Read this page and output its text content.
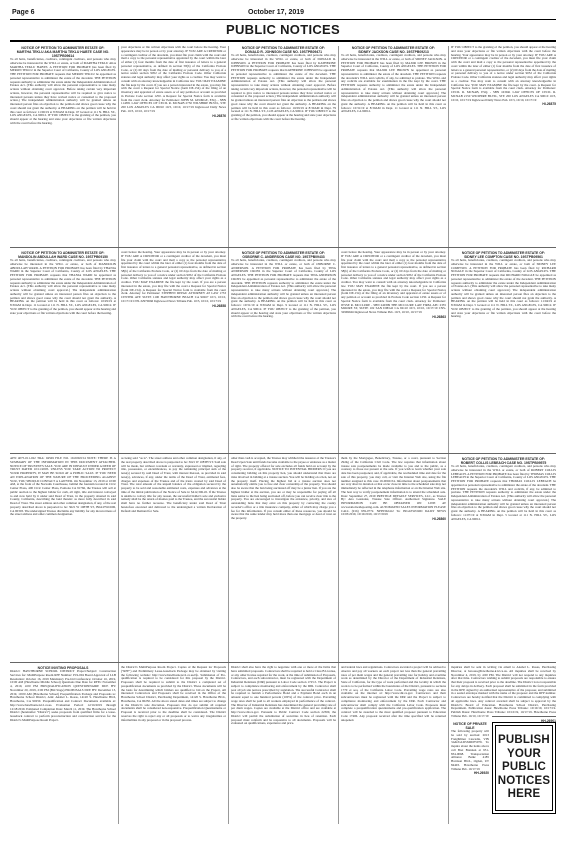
Page 6	October 17, 2019
PUBLIC NOTICES
NOTICE OF PETITION TO ADMINISTER ESTATE OF:
MARTHA TEKLU AKA MARTHA TEKLU HABTE CASE NO. 19STPB09614
To all heirs, beneficiaries, creditors, contingent creditors, and persons who may otherwise be interested in the WILL or estate, or both of MARTHA TEKLU AKA MARTHA TEKLU HABTE. A PETITION FOR PROBATE has been filed by MERON TEKLU in the Superior Court of California, County of LOS ANGELES. THE PETITION FOR PROBATE requests that MERON TEKLU be appointed as personal representative to administer the estate of the decedent. THE PETITION requests authority to administer the estate under the Independent Administration of Estates Act. (This authority will allow the personal representative to take many actions without obtaining court approval. Before taking certain very important actions, however, the personal representative will be required to give notice to interested persons unless they have waived notice or consented to the proposed action.) The independent administration authority will be granted unless an interested person files an objection to the petition and shows good cause why the court should not grant the authority. A HEARING on the petition will be held in this court as follows: 11/06/19 at 8:30AM in Dept. 67 located at 111 N. HILL ST., LOS ANGELES, CA 90012. IF YOU OBJECT to the granting of the petition, you should appear at the hearing and state your objections or file written objections with the court before the hearing.
your objections or file written objections with the court before the hearing. Your appearance may be in person or by your attorney. IF YOU ARE A CREDITOR or a contingent creditor of the decedent, you must file your claim with the court and mail a copy to the personal representative appointed by the court within the later of either (1) four months from the date of first issuance of letters to a general personal representative, as defined in section 58(b) of the California Probate Code, or (2) 60 days from the date of mailing or personal delivery to you of a notice under section 9052 of the California Probate Code. Other California statutes and legal authority may affect your rights as a creditor. You may want to consult with an attorney knowledgeable in California law. YOU MAY EXAMINE the file kept by the court. If you are a person interested in the estate, you may file with the court a Request for Special Notice (form DE-154) of the filing of an inventory and appraisal of estate assets or of any petition or account as provided in Probate Code section 1250. A Request for Special Notice form is available from the court clerk. Attorney for Petitioner: JOHN M. GEORGE, ESQ. - SBN 114381 LAW OFFICES OF CECIL R. MCNAB 2750 WILSHIRE BLVD., STE 200 LOS ANGELES CA 90010 10/3, 10/10, 10/17/19 Inglewood Daily News Pub. 10/3, 10/10, 10/17/19
HI-26876
NOTICE OF PETITION TO ADMINISTER ESTATE OF:
DONALD R. JOHNSON CASE NO. 19STPB09471
To all heirs, beneficiaries, creditors, contingent creditors, and persons who may otherwise be interested in the WILL or estate, or both of DONALD R. JOHNSON. A PETITION FOR PROBATE has been filed by KATHERINE JOHNSON in the Superior Court of California, County of LOS ANGELES. THE PETITION FOR PROBATE requests that KATHERINE JOHNSON be appointed as personal representative to administer the estate of the decedent. THE PETITION requests authority to administer the estate under the Independent Administration of Estates Act. (This authority will allow the personal representative to take many actions without obtaining court approval. Before taking certain very important actions, however, the personal representative will be required to give notice to interested persons unless they have waived notice or consented to the proposed action.) The independent administration authority will be granted unless an interested person files an objection to the petition and shows good cause why the court should not grant the authority. A HEARING on the petition will be held in this court as follows: 10/29/19 at 8:30AM in Dept. 79 located at 111 N. HILL ST., LOS ANGELES, CA 90012. IF YOU OBJECT to the granting of the petition, you should appear at the hearing and state your objections or file written objections with the court before the hearing.
NOTICE OF PETITION TO ADMINISTER ESTATE OF:
SIDNEY JACKSON CASE NO. 19STPB09213
To all heirs, beneficiaries, creditors, contingent creditors, and persons who may otherwise be interested in the WILL or estate, or both of SIDNEY JACKSON. A PETITION FOR PROBATE has been filed by MAJOR LEE BROWN in the Superior Court of California, County of LOS ANGELES. THE PETITION FOR PROBATE requests that MAJOR LEE BROWN be appointed as personal representative to administer the estate of the decedent. THE PETITION requests the decedent's WILL and codicils, if any, be admitted to probate. The WILL and any codicils are available for examination in the file kept by the court. THE PETITION requests authority to administer the estate under the Independent Administration of Estates Act. (This authority will allow the personal representative to take many actions without obtaining court approval.) The independent administration authority will be granted unless an interested person files an objection to the petition and shows good cause why the court should not grant the authority. A HEARING on the petition will be held in this court as follows: 10/31/19 at 8:30AM in Dept. 11 located at 111 N. HILL ST., LOS ANGELES, CA 90012.
IF YOU OBJECT to the granting of the petition, you should appear at the hearing and state your objections or file written objections with the court before the hearing. Your appearance may be in person or by your attorney. IF YOU ARE A CREDITOR or a contingent creditor of the decedent, you must file your claim with the court and mail a copy to the personal representative appointed by the court within the later of either (1) four months from the date of first issuance of letters to a general personal representative, or (2) 60 days from the date of mailing or personal delivery to you of a notice under section 9052 of the California Probate Code. Other California statutes and legal authority may affect your rights as a creditor. You may want to consult with an attorney knowledgeable in California law. YOU MAY EXAMINE the file kept by the court. A Request for Special Notice form is available from the court clerk. Attorney for Petitioner: CECIL R. MCNAB, ESQ. - SBN 163941 LAW OFFICES OF CECIL R. MCNAB 2150 WILSHIRE BLVD., STE 200 LOS ANGELES CA 90010 10/3, 10/10, 10/17/19 Inglewood Daily News Pub. 10/3, 10/10, 10/17/19
HI-26875
NOTICE OF PETITION TO ADMINISTER ESTATE OF:
MANDOLIN ABDULLAH WARD CASE NO. 19STPB09150
To all heirs, beneficiaries, creditors, contingent creditors, and persons who may otherwise be interested in the WILL or estate, or both of MANDOLIN ABDULLAH WARD. A PETITION FOR PROBATE has been filed by THANIA WARD in the Superior Court of California, County of LOS ANGELES. THE PETITION FOR PROBATE requests that THANIA WARD be appointed as personal representative to administer the estate of the decedent. THE PETITION requests authority to administer the estate under the Independent Administration of Estates Act. (This authority will allow the personal representative to take many actions without obtaining court approval.) The independent administration authority will be granted unless an interested person files an objection to the petition and shows good cause why the court should not grant the authority. A HEARING on the petition will be held in this court as follows: 10/29/19 at 8:30AM in Dept. 11 located at 111 N. HILL ST., LOS ANGELES, CA 90012. IF YOU OBJECT to the granting of the petition, you should appear at the hearing and state your objections or file written objections with the court before the hearing.
court before the hearing. Your appearance may be in person or by your attorney. IF YOU ARE A CREDITOR or a contingent creditor of the decedent, you must file your claim with the court and mail a copy to the personal representative appointed by the court within the later of either (1) four months from the date of first issuance of letters to a general personal representative, as defined in section 58(b) of the California Probate Code, or (2) 60 days from the date of mailing or personal delivery to you of a notice under section 9052 of the California Probate Code. Other California statutes and legal authority may affect your rights as a creditor. YOU MAY EXAMINE the file kept by the court. If you are a person interested in the estate, you may file with the court a Request for Special Notice (form DE-154). A Request for Special Notice form is available from the court clerk. Attorney for Petitioner: STEPHEN DEPAU ATTORNEY AT LAW 1733 CENTER AVE SUITE 1100 HAWTHORNE BEACH CA 90267 10/3, 10/10, 10/17/19 CNS-3297069# Inglewood News Tribune Pub. 10/3, 10/10, 10/17/19
HI-26858
NOTICE OF PETITION TO ADMINISTER ESTATE OF:
OSBORNE C. ANDERSON CASE NO. 19STPB09433
To all heirs, beneficiaries, creditors, contingent creditors, and persons who may otherwise be interested in the WILL or estate, or both of OSBORNE C. ANDERSON. A PETITION FOR PROBATE has been filed by TINA ANDERSON CROSS in the Superior Court of California, County of LOS ANGELES. THE PETITION FOR PROBATE requests that TINA ANDERSON CROSS be appointed as personal representative to administer the estate of the decedent. THE PETITION requests authority to administer the estate under the Independent Administration of Estates Act. (This authority will allow the personal representative to take many actions without obtaining court approval.) The independent administration authority will be granted unless an interested person files an objection to the petition and shows good cause why the court should not grant the authority. A HEARING on the petition will be held in this court as follows: 10/31/19 at 8:30AM in Dept. 9 located at 111 N. HILL ST., LOS ANGELES, CA 90012. IF YOU OBJECT to the granting of the petition, you should appear at the hearing and state your objections or file written objections with the court before the hearing.
court before the hearing. Your appearance may be in person or by your attorney. IF YOU ARE A CREDITOR or a contingent creditor of the decedent, you must file your claim with the court and mail a copy to the personal representative appointed by the court within the later of either (1) four months from the date of first issuance of letters to a general personal representative, as defined in section 58(b) of the California Probate Code, or (2) 60 days from the date of mailing or personal delivery to you of a notice under section 9052 of the California Probate Code. Other California statutes and legal authority may affect your rights as a creditor. You may want to consult with an attorney knowledgeable in California law. YOU MAY EXAMINE the file kept by the court. If you are a person interested in the estate, you may file with the court a Request for Special Notice (form DE-154) of the filing of an inventory and appraisal of estate assets or of any petition or account as provided in Probate Code section 1250. A Request for Special Notice form is available from the court clerk. Attorney for Petitioner: JESSE R. MCCLURE - SBN 240399 THE MCCLURE LAW FIRM, APC 2355 MOORE ST, SUITE 102 SAN DIEGO CA 92110 10/3, 10/10, 10/17/19 CNS-3296962# Inglewood News Tribune Pub. 10/3, 10/10, 10/17/19
HI-26863
NOTICE OF PETITION TO ADMINISTER ESTATE OF:
SIDNEY LEE COMPTON CASE NO. 19STPB09561
To all heirs, beneficiaries, creditors, contingent creditors, and persons who may otherwise be interested in the WILL or estate, or both of SIDNEY LEE COMPTON. A PETITION FOR PROBATE has been filed by RICHARD NOGGLE in the Superior Court of California, County of LOS ANGELES. THE PETITION FOR PROBATE requests that RICHARD NOGGLE be appointed as personal representative to administer the estate of the decedent. THE PETITION requests authority to administer the estate under the Independent Administration of Estates Act. (This authority will allow the personal representative to take many actions without obtaining court approval.) The independent administration authority will be granted unless an interested person files an objection to the petition and shows good cause why the court should not grant the authority. A HEARING on the petition will be held in this court as follows: 11/04/19 at 8:30AM in Dept. 5 located at 111 N. HILL ST., LOS ANGELES, CA 90012. IF YOU OBJECT to the granting of the petition, you should appear at the hearing and state your objections or file written objections with the court before the hearing.
APN 4075-011-022 TRA: 04569 FILE NO. 19-0002154 NOTE: THERE IS A SUMMARY OF THE INFORMATION IN THIS DOCUMENT ATTACHED. NOTICE OF TRUSTEE'S SALE. YOU ARE IN DEFAULT UNDER A DEED OF TRUST DATED 10/11/2005. UNLESS YOU TAKE ACTION TO PROTECT YOUR PROPERTY, IT MAY BE SOLD AT A PUBLIC SALE. IF YOU NEED AN EXPLANATION OF THE NATURE OF THE PROCEEDING AGAINST YOU, YOU SHOULD CONTACT A LAWYER. On November 13, 2019 at 10:00 AM, at the front of the Norwalk Courthouse, behind the fountain located in Civic Center Plaza, 400 Civic Center Plaza, Pomona CA 91766, the Trustee will sell at public auction to the highest bidder for cash, all right, title and interest conveyed to and now held by it under said Deed of Trust, in the property situated in said County, California, describing the land therein: as more fully described in said Deed of Trust. The street address and other common designation, if any, of the real property described above is purported to be: 3621 W 108TH ST, INGLEWOOD, CA 90303. The undersigned Trustee disclaims any liability for any incorrectness of the street address and other common designation.
as being sold "as is". The street address and other common designation, if any, of the real property described above is purported to be: 3621 W 108TH ST. Said sale will be made, but without covenant or warranty, expressed or implied, regarding title, possession, or encumbrances, to pay the remaining principal sum of the note(s) secured by said Deed of Trust, with interest thereon, as provided in said note(s), advances, if any, under the terms of the Deed of Trust, estimated fees, charges and expenses of the Trustee and of the trusts created by said Deed of Trust. The total amount of the unpaid balance of the obligation secured by the property to be sold and reasonable estimated costs, expenses and advances at the time of the initial publication of the Notice of Sale is: $412,306.45. If the Trustee is unable to convey title for any reason, the successful bidder's sole and exclusive remedy shall be the return of monies paid to the Trustee, and the successful bidder shall have no further recourse. The beneficiary under said Deed of Trust heretofore executed and delivered to the undersigned a written Declaration of Default and Demand for Sale.
other than cash is accepted, the Trustee may withhold the issuance of the Trustee's Deed Upon Sale until funds become available to the payee or endorsee as a matter of right. The property offered for sale excludes all funds held on account by the property receiver, if applicable. NOTICE TO POTENTIAL BIDDERS: If you are considering bidding on this property lien, you should understand that there are risks involved in bidding at a trustee auction. You will be bidding on a lien, not on the property itself. Placing the highest bid at a trustee auction does not automatically entitle you to free and clear ownership of the property. You should also be aware that the lien being auctioned off may be a junior lien. If you are the highest bidder at the auction, you are or may be responsible for paying off all liens senior to the lien being auctioned off, before you can receive clear title to the property. You are encouraged to investigate the existence, priority, and size of outstanding liens that may exist on this property by contacting the county recorder's office or a title insurance company, either of which may charge you a fee for this information. If you consult either of these resources, you should be aware that the same lender may hold more than one mortgage or deed of trust on the property.
them by the Mortgagee, Beneficiary, Trustee, or a court, pursuant to Section 2924g of the California Civil Code. The law requires that information about trustee sale postponements be made available to you and to the public, as a courtesy to those not present at the sale. If you wish to learn whether your sale date has been postponed, and, if applicable, the rescheduled time and date for the sale of this property, you may call, or visit the Internet Web site, using the file number assigned to this case 19-0002154. Information about postponements that are very short in duration or that occur close in time to the scheduled sale may not immediately be reflected in the telephone information or on the Internet Web site. The best way to verify postponement information is to attend the scheduled sale. Date: September 27, 2019 PRESTIGE DEFAULT SERVICES, LLC, as Trustee By: Ana Gonzalez, Trustee Sale Officer. Authorized Signature. SALE INFORMATION CAN BE OBTAINED ON LINE AT www.nationwideposting.com. AUTOMATED SALES INFORMATION PLEASE CALL (916) 939-0772. NPP0362412 To: INGLEWOOD DAILY NEWS 10/03/2019, 10/10/2019, 10/17/2019
HI-26860
NOTICE OF PETITION TO ADMINISTER ESTATE OF:
ROBERT COLLIS LEBEACH CASE NO. 19STPB09575
To all heirs, beneficiaries, creditors, contingent creditors, and persons who may otherwise be interested in the WILL or estate, or both of ROBERT COLLIS LEBEACH. A PETITION FOR PROBATE has been filed by THOMAS COLLIS LEBEACH in the Superior Court of California, County of LOS ANGELES. THE PETITION FOR PROBATE requests that THOMAS COLLIS LEBEACH be appointed as personal representative to administer the estate of the decedent. THE PETITION requests the decedent's WILL and codicils, if any, be admitted to probate. THE PETITION requests authority to administer the estate under the Independent Administration of Estates Act. (This authority will allow the personal representative to take many actions without obtaining court approval.) The independent administration authority will be granted unless an interested person files an objection to the petition and shows good cause why the court should not grant the authority. A HEARING on the petition will be held in this court as follows: 11/07/19 at 8:30AM in Dept. 5 located at 111 N. HILL ST., LOS ANGELES, CA 90012.
NOTICE INVITING PROPOSALS
District: HAWTHORNE SCHOOL DISTRICT Project/Subject: Construction Services for: MultiPurpose Room RFP Number: P19-004 Board Approval of LLB Resolution: October 16, 2019 Mandatory Pre-bid Conference: October 16, 2019, 10:00 AM (Hawthorne Middle School) Questions Due Date for RFPs: November 4, 2019, 4:00 PM PREQUALIFICATION QUESTIONNAIRE DUE BY: November 20, 2019, 2:00 PM (Bid Stage) PROPOSALS DUE BY: December 13, 2019, 10:00 AM (Hawthorne School) Prequalification Package and Proposals to: Hawthorne School District, Attn: Anabel L. Rosas, 14120 S. Hawthorne Blvd, Hawthorne, CA 90250. Prequalification and Contract Documents available at: http://www.hawthorne.k12.ca.us. Evaluation Period: 12/16/2019 through 12/18/2019. Estimated Completion Date: March 11, 2019. The Hawthorne School District (hereinafter "District") seeks proposals from qualified firms for a lease-leaseback contract to perform preconstruction and construction services for the District's MultiPurpose Room Project.
the District's MultiPurpose Room Project. Copies of the Request for Proposals ("RFP") and Preliminary Lease-leaseback Package may be obtained by visiting the following website: http://www.hawthorne.k12.ca.us/rfp. Submission of Pre-qualification is required to be considered for this proposal by the District. Proposers shall be required to submit to the District a completed set of prequalification documents as provided by the District. These documents will be the basis for determining which bidders are qualified to bid on the Project. All interested Contractors and Proposers shall be received in the Office of the Hawthorne School District, Purchasing Department, 14120 S. Hawthorne Blvd., Hawthorne, CA 90250. All the above stated dates and times are subject to change at the District's sole discretion. Proposers that do not submit all required documents shall be considered non-responsive. Prequalification Questionnaire or Proposal is received prior to the deadline shall be considered. The District reserves the right to reject any or all proposals or to waive any irregularities or informalities in any proposal or in the proposal process.
District shall also have the right to negotiate with one or more of the firms that have submitted proposals. Contractors shall be required to hold a Class B License, or any other license required for the work, at the time of submission of Proposals. Contractors, and each subcontractor, must be registered with the Department of Industrial Relations (DIR) pursuant to Labor Code section 1725.5. The Project is subject to compliance monitoring and enforcement by the DIR. Contractor shall post all job site notices prescribed by regulation. The successful Contractor shall be required to furnish a Performance Bond and a Payment Bond each in an amount equal to one hundred percent (100%) of the contract price. Prevailing wage rates shall be paid to all workers employed in performance of the contract. The Director of Industrial Relations has determined the general prevailing rate of per diem wages. Copies are available at the District office and are available at http://www.dir.ca.gov. Pursuant to Public Contract Code section 22300, the District will permit the substitution of securities in lieu of retention. Each proposal must conform and be responsive to all documents. Proposals will be evaluated on qualifications, experience and price.
and federal laws and regulations. Contractors awarded a project will be advised to observe and pay all workers on each project not less than the general prevailing rates of per diem wages and the general prevailing rate for holiday and overtime work as determined by the Director of the Department of Industrial Relations, State of California, for the type of work performed and the locality in which the work is to be performed within the boundaries of the District, pursuant to sections 1770 et seq. of the California Labor Code. Prevailing wage rates are also available on the internet at: http://www.dir.ca.gov. Contractors and their subcontractors must be registered with the DIR and the Project is subject to compliance monitoring and enforcement by the DIR. Each Contractor and subcontractor shall comply with the California Labor Code. Proposers must complete a prequalification questionnaire and pre-qualification application. The contract will be awarded to the most qualified proposer pursuant to Education Code 17406. Any proposal received after the time specified will be returned unopened.
inquiries shall be sent in writing via email to Anabel L. Rosas, Purchasing Director, at barosas@hawthorne.k12.ca.us. All inquiries shall be received by November 4, 2019, by 4:00 PM. The District will not respond to any inquiries after that time. Contractors wishing to submit proposals are responsible to ensure that their proposal is received prior to the deadline. The District is not responsible for any delays in delivery. Each proposal shall be submitted in the form provided in the RFP, signed by an authorized representative of the proposer, and submitted in a sealed envelope marked with the name of the proposer and the RFP number. Contractors are hereby notified that the District is committed to complying with all applicable laws. Any contract awarded shall be subject to approval by the District's Board of Education. Hawthorne School District, Purchasing Department. Publication dates: Hawthorne Press Tribune: 10/10/19, 10/17/19. Publish Dates: Hawthorne Press Tribune: 10/10/19, 10/17/19. Hawthorne Press Tribune Pub. 10/10, 10/17/19
HH-26901
PUBLISH
YOUR
PUBLIC
NOTICES
HERE
NOTICE OF PRIVATE SALE
The following property will be sold by auction: 2013 Freightliner Cascadia, VIN 3AKJGLD5XDDF5979. To inquire about the items above call Bret Brennan at 951-834-0068. Transportation Alliance Bank: 4185 Harrison Blvd., Ogden, UT 84403. Hawthorne Press Tribune Pub. 10/17/19
HH-26920
